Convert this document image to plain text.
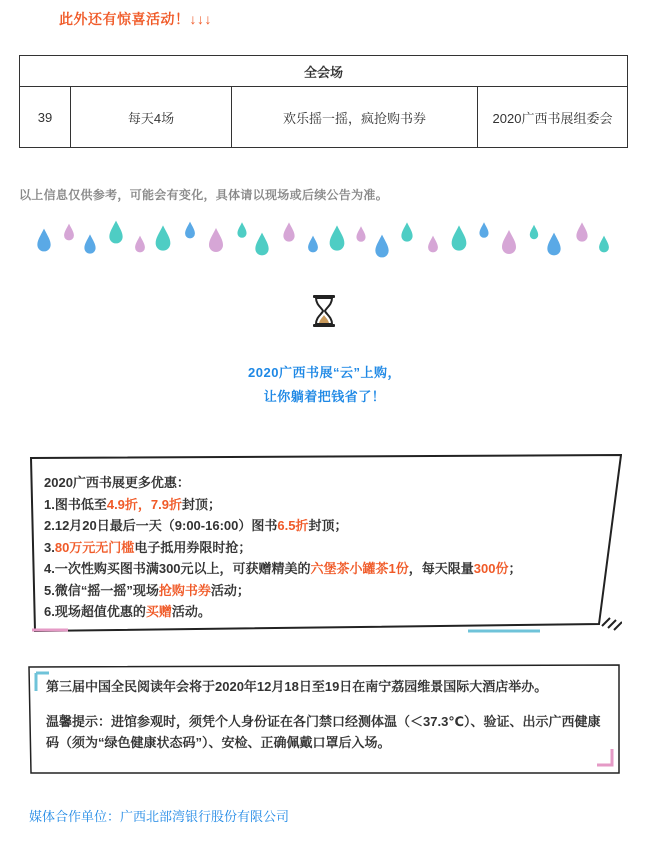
此外还有惊喜活动！↓↓↓
全会场
39	每天4场	欢乐摇一摇，疯抢购书券	2020广西书展组委会
以上信息仅供参考，可能会有变化，具体请以现场或后续公告为准。
2020广西书展“云”上购，
让你躺着把钱省了！
2020广西书展更多优惠：
1.图书低至4.9折，7.9折封顶；
2.12月20日最后一天（9:00-16:00）图书6.5折封顶；
3.80万元无门槛电子抵用券限时抢；
4.一次性购买图书满300元以上，可获赠精美的六堡茶小罐茶1份，每天限量300份；
5.微信“摇一摇”现场抢购书券活动；
6.现场超值优惠的买赠活动。
第三届中国全民阅读年会将于2020年12月18日至19日在南宁荔园维景国际大酒店举办。
温馨提示：进馆参观时，须凭个人身份证在各门禁口经测体温（＜37.3℃）、验证、出示广西健康码（须为“绿色健康状态码”）、安检、正确佩戴口罩后入场。
媒体合作单位：广西北部湾银行股份有限公司
